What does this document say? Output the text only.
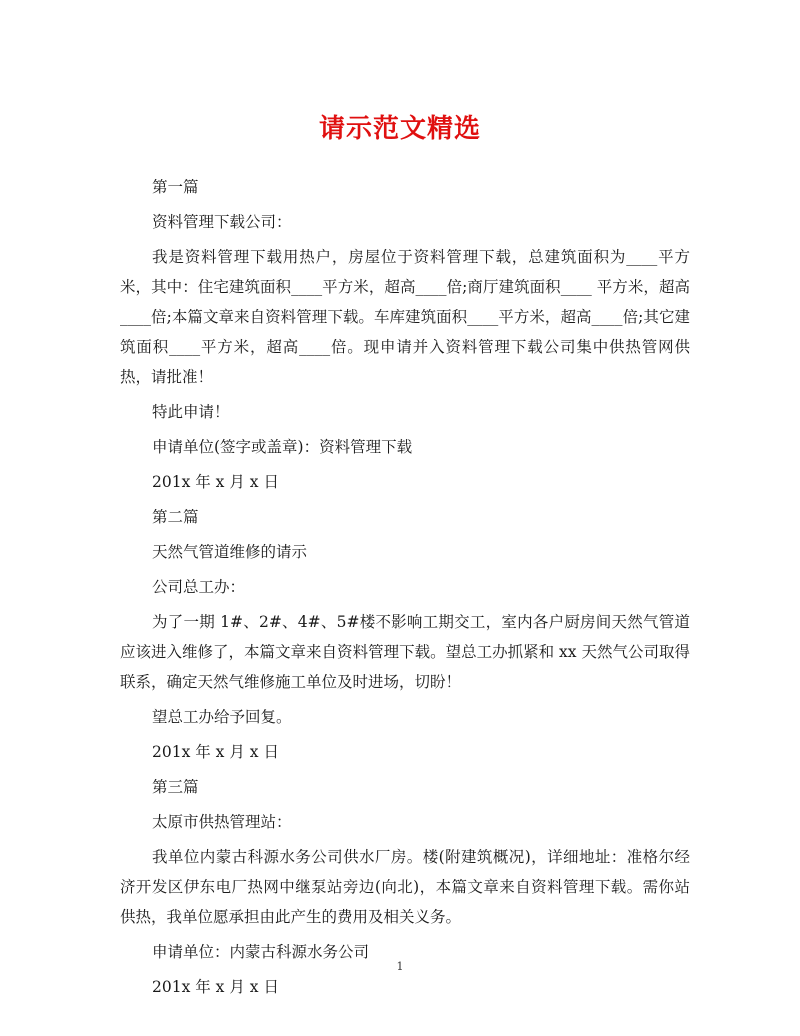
请示范文精选
第一篇
资料管理下载公司：
我是资料管理下载用热户，房屋位于资料管理下载，总建筑面积为____平方米，其中：住宅建筑面积____平方米，超高____倍;商厅建筑面积____ 平方米，超高____倍;本篇文章来自资料管理下载。车库建筑面积____平方米，超高____倍;其它建筑面积____平方米，超高____倍。现申请并入资料管理下载公司集中供热管网供热，请批准！
特此申请！
申请单位(签字或盖章)：资料管理下载
201x 年 x 月 x 日
第二篇
天然气管道维修的请示
公司总工办：
为了一期 1#、2#、4#、5#楼不影响工期交工，室内各户厨房间天然气管道应该进入维修了，本篇文章来自资料管理下载。望总工办抓紧和 xx 天然气公司取得联系，确定天然气维修施工单位及时进场，切盼！
望总工办给予回复。
201x 年 x 月 x 日
第三篇
太原市供热管理站：
我单位内蒙古科源水务公司供水厂房。楼(附建筑概况)，详细地址：准格尔经济开发区伊东电厂热网中继泵站旁边(向北)，本篇文章来自资料管理下载。需你站供热，我单位愿承担由此产生的费用及相关义务。
申请单位：内蒙古科源水务公司
201x 年 x 月 x 日
1
